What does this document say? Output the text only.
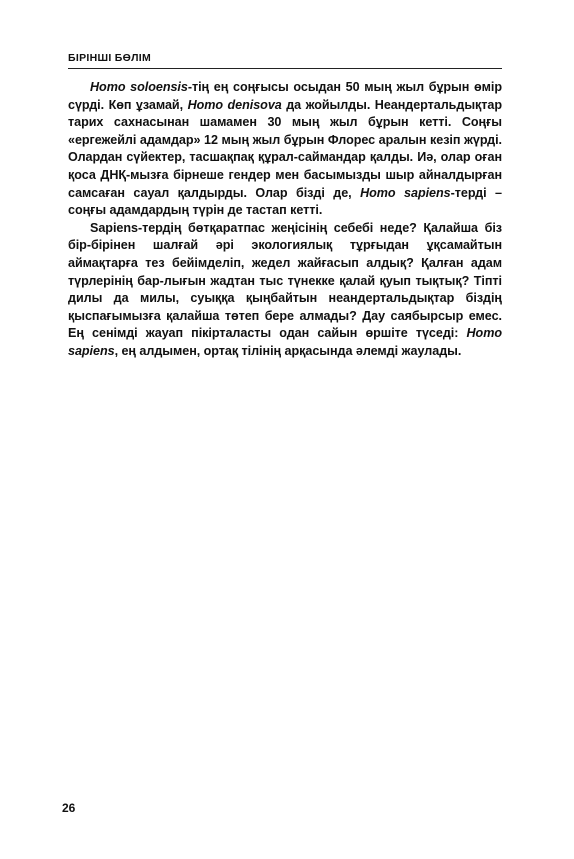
БІРІНШІ БӨЛІМ

Homo soloensis-тің ең соңғысы осыдан 50 мың жыл бұрын өмір сүрді. Көп ұзамай, Homo denisova да жойылды. Неандертальдықтар тарих сахнасынан шамамен 30 мың жыл бұрын кетті. Соңғы «ергежейлі адамдар» 12 мың жыл бұрын Флорес аралын кезіп жүрді. Олардан сүйектер, тасшақпақ құрал-саймандар қалды. Иә, олар оған қоса ДНҚ-мызға бірнеше гендер мен басымызды шыр айналдырған самсаған сауал қалдырды. Олар бізді де, Homo sapiens-терді – соңғы адамдардың түрін де тастап кетті.

Sapiens-тердің бөтқаратпас жеңісінің себебі неде? Қалайша біз бір-бірінен шалғай әрі экологиялық тұрғыдан ұқсамайтын аймақтарға тез бейімделіп, жедел жайғасып алдық? Қалған адам түрлерінің бар-лығын жадтан тыс түнекке қалай қуып тықтық? Тіпті дилы да милы, суыққа қыңбайтын неандертальдықтар біздің қыспағымызға қалайша төтеп бере алмады? Дау саябырсыр емес. Ең сенімді жауап пікірталасты одан сайын өршіте түседі: Homo sapiens, ең алдымен, ортақ тілінің арқасында әлемді жаулады.

26
